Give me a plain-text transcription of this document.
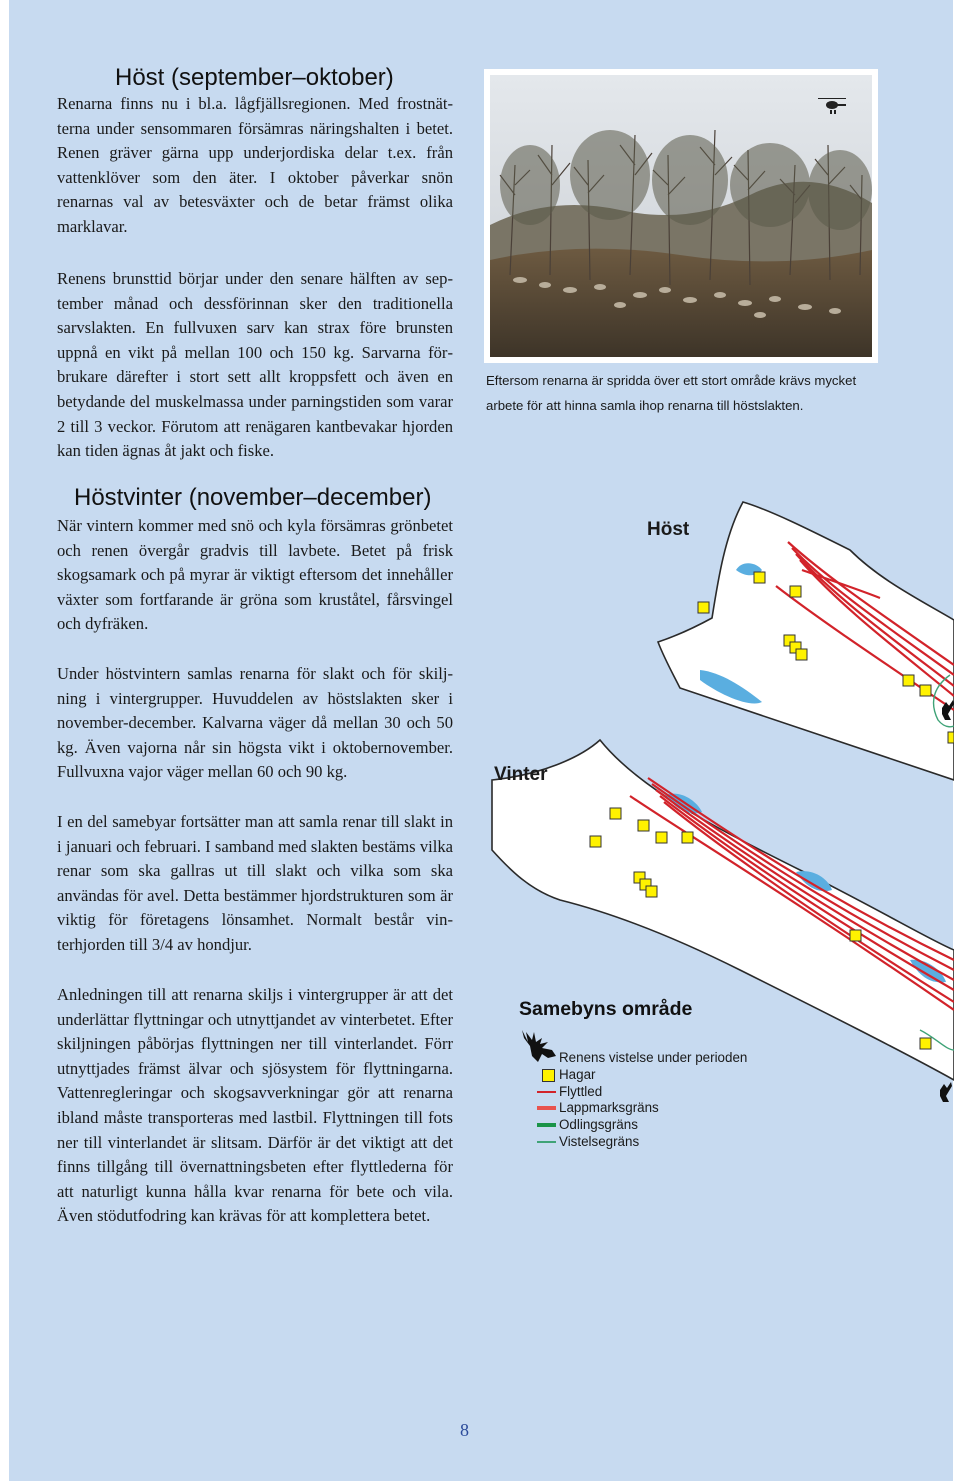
Höst (september–oktober)

Renarna finns nu i bl.a. lågfjällsregionen. Med frostnätterna under sensommaren försämras näringshalten i betet. Renen gräver gärna upp underjordiska delar t.ex. från vattenklöver som den äter. I oktober påverkar snön renarnas val av betesväxter och de betar främst olika marklavar.

Renens brunsttid börjar under den senare hälften av september månad och dessförinnan sker den traditionella sarvslakten. En fullvuxen sarv kan strax före brunsten uppnå en vikt på mellan 100 och 150 kg. Sarvarna förbrukare därefter i stort sett allt kroppsfett och även en betydande del muskelmassa under parningstiden som varar 2 till 3 veckor. Förutom att renägaren kantbevakar hjorden kan tiden ägnas åt jakt och fiske.

Eftersom renarna är spridda över ett stort område krävs mycket arbete för att hinna samla ihop renarna till höstslakten.

Höstvinter (november–december)

När vintern kommer med snö och kyla försämras grönbetet och renen övergår gradvis till lavbete. Betet på frisk skogsamark och på myrar är viktigt eftersom det innehåller växter som fortfarande är gröna som kruståtel, fårsvingel och dyfräken.

Under höstvintern samlas renarna för slakt och för skiljning i vintergrupper. Huvuddelen av höstslakten sker i november-december. Kalvarna väger då mellan 30 och 50 kg. Även vajorna når sin högsta vikt i oktobernovember. Fullvuxna vajor väger mellan 60 och 90 kg.

I en del samebyar fortsätter man att samla renar till slakt in i januari och februari. I samband med slakten bestäms vilka renar som ska gallras ut till slakt och vilka som ska användas för avel. Detta bestämmer hjordstrukturen som är viktig för företagens lönsamhet. Normalt består vinterhjorden till 3/4 av hondjur.

Anledningen till att renarna skiljs i vintergrupper är att det underlättar flyttningar och utnyttjandet av vinterbetet. Efter skiljningen påbörjas flyttningen ner till vinterlandet. Förr utnyttjades främst älvar och sjösystem för flyttningarna. Vattenregleringar och skogsavverkningar gör att renarna ibland måste transporteras med lastbil. Flyttningen till fots ner till vinterlandet är slitsam. Därför är det viktigt att det finns tillgång till övernattningsbeten efter flyttlederna för att naturligt kunna hålla kvar renarna för bete och vila. Även stödutfodring kan krävas för att komplettera betet.

Höst

Vinter

Samebyns område

Renens vistelse under perioden
Hagar
Flyttled
Lappmarksgräns
Odlingsgräns
Vistelsegräns

8
